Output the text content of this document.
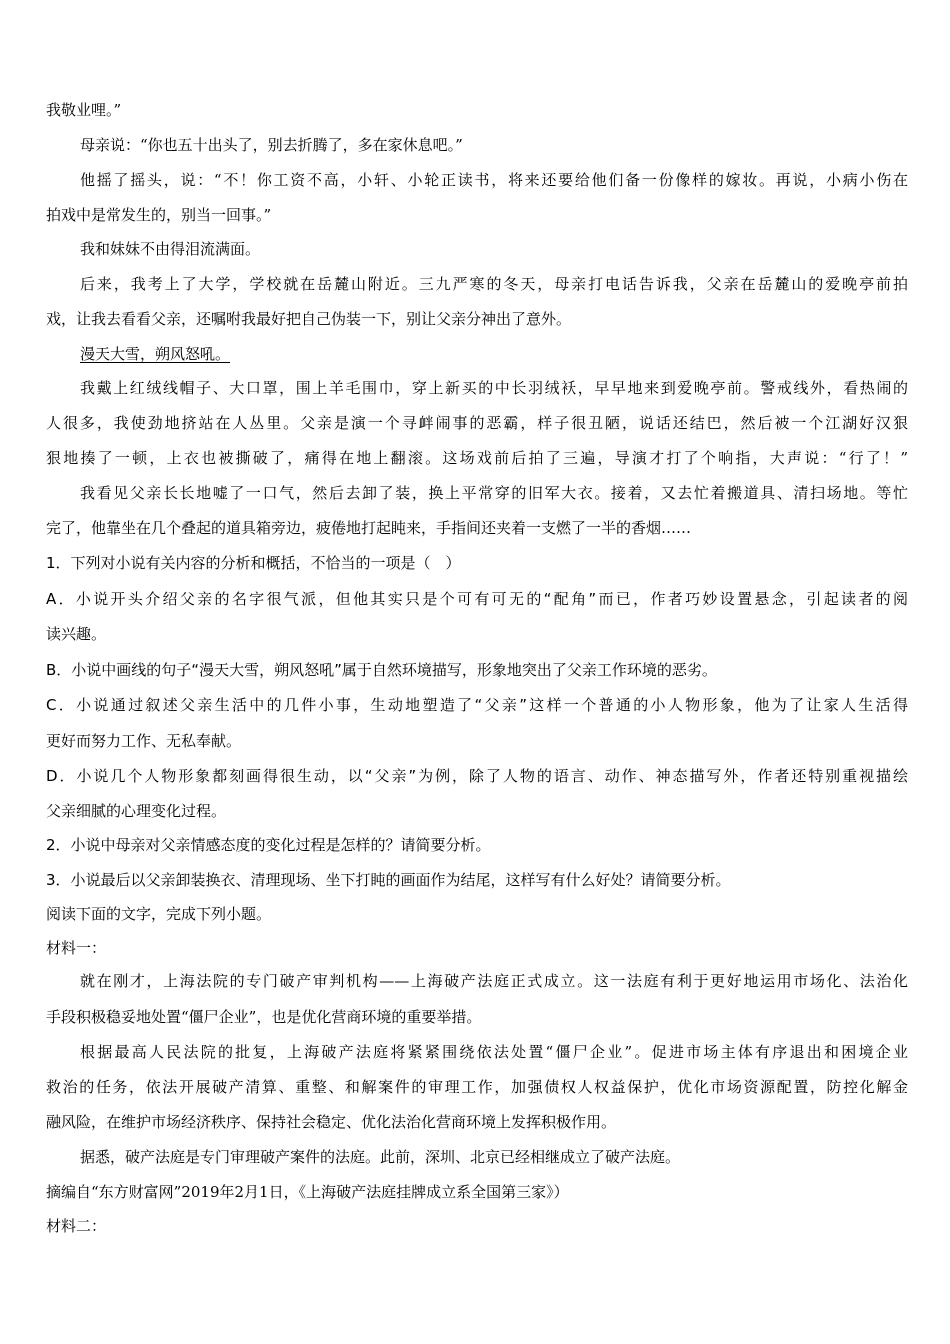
我敬业哩。”
母亲说：“你也五十出头了，别去折腾了，多在家休息吧。”
他摇了摇头，说：“不！你工资不高，小轩、小轮正读书，将来还要给他们备一份像样的嫁妆。再说，小病小伤在
拍戏中是常发生的，别当一回事。”
我和妹妹不由得泪流满面。
后来，我考上了大学，学校就在岳麓山附近。三九严寒的冬天，母亲打电话告诉我，父亲在岳麓山的爱晚亭前拍
戏，让我去看看父亲，还嘱咐我最好把自己伪装一下，别让父亲分神出了意外。
漫天大雪，朔风怒吼。
我戴上红绒线帽子、大口罩，围上羊毛围巾，穿上新买的中长羽绒袄，早早地来到爱晚亭前。警戒线外，看热闹的
人很多，我使劲地挤站在人丛里。父亲是演一个寻衅闹事的恶霸，样子很丑陋，说话还结巴，然后被一个江湖好汉狠
狠地揍了一顿，上衣也被撕破了，痛得在地上翻滚。这场戏前后拍了三遍，导演才打了个响指，大声说：“行了！”
我看见父亲长长地嘘了一口气，然后去卸了装，换上平常穿的旧军大衣。接着，又去忙着搬道具、清扫场地。等忙
完了，他靠坐在几个叠起的道具箱旁边，疲倦地打起盹来，手指间还夹着一支燃了一半的香烟……
1．下列对小说有关内容的分析和概括，不恰当的一项是（　）
A．小说开头介绍父亲的名字很气派，但他其实只是个可有可无的“配角”而已，作者巧妙设置悬念，引起读者的阅
读兴趣。
B．小说中画线的句子“漫天大雪，朔风怒吼”属于自然环境描写，形象地突出了父亲工作环境的恶劣。
C．小说通过叙述父亲生活中的几件小事，生动地塑造了“父亲”这样一个普通的小人物形象，他为了让家人生活得
更好而努力工作、无私奉献。
D．小说几个人物形象都刻画得很生动，以“父亲”为例，除了人物的语言、动作、神态描写外，作者还特别重视描绘
父亲细腻的心理变化过程。
2．小说中母亲对父亲情感态度的变化过程是怎样的？请简要分析。
3．小说最后以父亲卸装换衣、清理现场、坐下打盹的画面作为结尾，这样写有什么好处？请简要分析。
阅读下面的文字，完成下列小题。
材料一：
就在刚才，上海法院的专门破产审判机构——上海破产法庭正式成立。这一法庭有利于更好地运用市场化、法治化
手段积极稳妥地处置“僵尸企业”，也是优化营商环境的重要举措。
根据最高人民法院的批复，上海破产法庭将紧紧围绕依法处置“僵尸企业”。促进市场主体有序退出和困境企业
救治的任务，依法开展破产清算、重整、和解案件的审理工作，加强债权人权益保护，优化市场资源配置，防控化解金
融风险，在维护市场经济秩序、保持社会稳定、优化法治化营商环境上发挥积极作用。
据悉，破产法庭是专门审理破产案件的法庭。此前，深圳、北京已经相继成立了破产法庭。
摘编自“东方财富网”2019年2月1日，《上海破产法庭挂牌成立系全国第三家》）
材料二：
